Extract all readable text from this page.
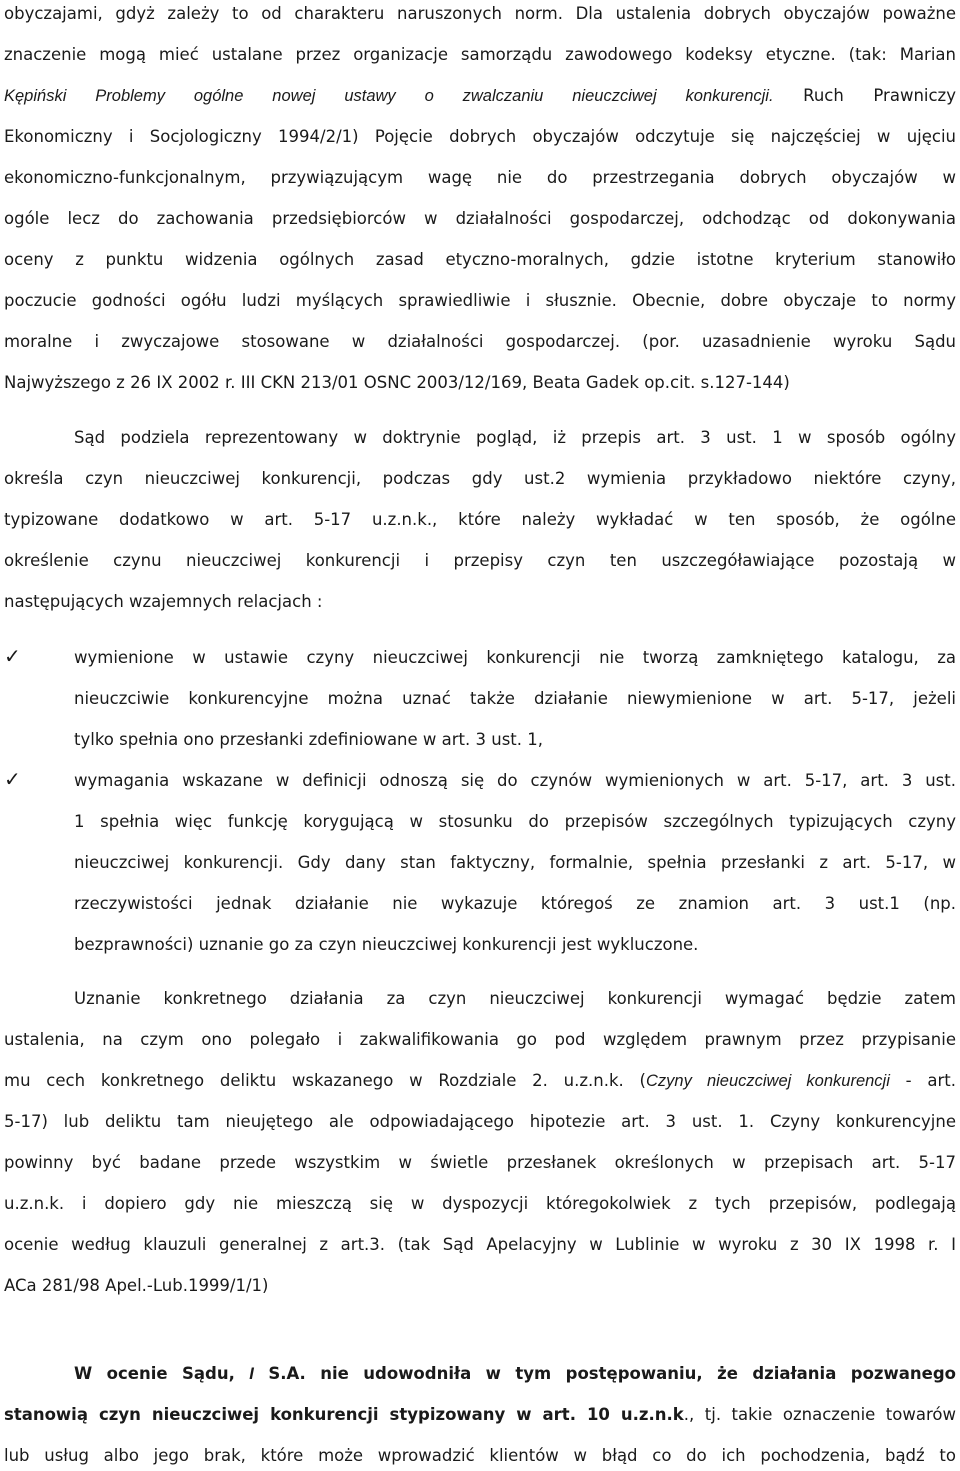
obyczajami, gdyż zależy to od charakteru naruszonych norm. Dla ustalenia dobrych obyczajów poważne
znaczenie mogą mieć ustalane przez organizacje samorządu zawodowego kodeksy etyczne. (tak: Marian
Kępiński Problemy ogólne nowej ustawy o zwalczaniu nieuczciwej konkurencji. Ruch Prawniczy
Ekonomiczny i Socjologiczny 1994/2/1) Pojęcie dobrych obyczajów odczytuje się najczęściej w ujęciu
ekonomiczno-funkcjonalnym, przywiązującym wagę nie do przestrzegania dobrych obyczajów w
ogóle lecz do zachowania przedsiębiorców w działalności gospodarczej, odchodząc od dokonywania
oceny z punktu widzenia ogólnych zasad etyczno-moralnych, gdzie istotne kryterium stanowiło
poczucie godności ogółu ludzi myślących sprawiedliwie i słusznie. Obecnie, dobre obyczaje to normy
moralne i zwyczajowe stosowane w działalności gospodarczej. (por. uzasadnienie wyroku Sądu
Najwyższego z 26 IX 2002 r. III CKN 213/01 OSNC 2003/12/169, Beata Gadek op.cit. s.127-144)
Sąd podziela reprezentowany w doktrynie pogląd, iż przepis art. 3 ust. 1 w sposób ogólny
określa czyn nieuczciwej konkurencji, podczas gdy ust.2 wymienia przykładowo niektóre czyny,
typizowane dodatkowo w art. 5-17 u.z.n.k., które należy wykładać w ten sposób, że ogólne
określenie czynu nieuczciwej konkurencji i przepisy czyn ten uszczegóławiające pozostają w
następujących wzajemnych relacjach :
✓	wymienione w ustawie czyny nieuczciwej konkurencji nie tworzą zamkniętego katalogu, za
nieuczciwie konkurencyjne można uznać także działanie niewymienione w art. 5-17, jeżeli
tylko spełnia ono przesłanki zdefiniowane w art. 3 ust. 1,
✓	wymagania wskazane w definicji odnoszą się do czynów wymienionych w art. 5-17, art. 3 ust.
1 spełnia więc funkcję korygującą w stosunku do przepisów szczególnych typizujących czyny
nieuczciwej konkurencji. Gdy dany stan faktyczny, formalnie, spełnia przesłanki z art. 5-17, w
rzeczywistości jednak działanie nie wykazuje któregoś ze znamion art. 3 ust.1 (np.
bezprawności) uznanie go za czyn nieuczciwej konkurencji jest wykluczone.
Uznanie konkretnego działania za czyn nieuczciwej konkurencji wymagać będzie zatem
ustalenia, na czym ono polegało i zakwalifikowania go pod względem prawnym przez przypisanie
mu cech konkretnego deliktu wskazanego w Rozdziale 2. u.z.n.k. (Czyny nieuczciwej konkurencji - art.
5-17) lub deliktu tam nieujętego ale odpowiadającego hipotezie art. 3 ust. 1. Czyny konkurencyjne
powinny być badane przede wszystkim w świetle przesłanek określonych w przepisach art. 5-17
u.z.n.k. i dopiero gdy nie mieszczą się w dyspozycji któregokolwiek z tych przepisów, podlegają
ocenie według klauzuli generalnej z art.3. (tak Sąd Apelacyjny w Lublinie w wyroku z 30 IX 1998 r. I
ACa 281/98 Apel.-Lub.1999/1/1)
W ocenie Sądu, I S.A. nie udowodniła w tym postępowaniu, że działania pozwanego
stanowią czyn nieuczciwej konkurencji stypizowany w art. 10 u.z.n.k., tj. takie oznaczenie towarów
lub usług albo jego brak, które może wprowadzić klientów w błąd co do ich pochodzenia, bądź to
